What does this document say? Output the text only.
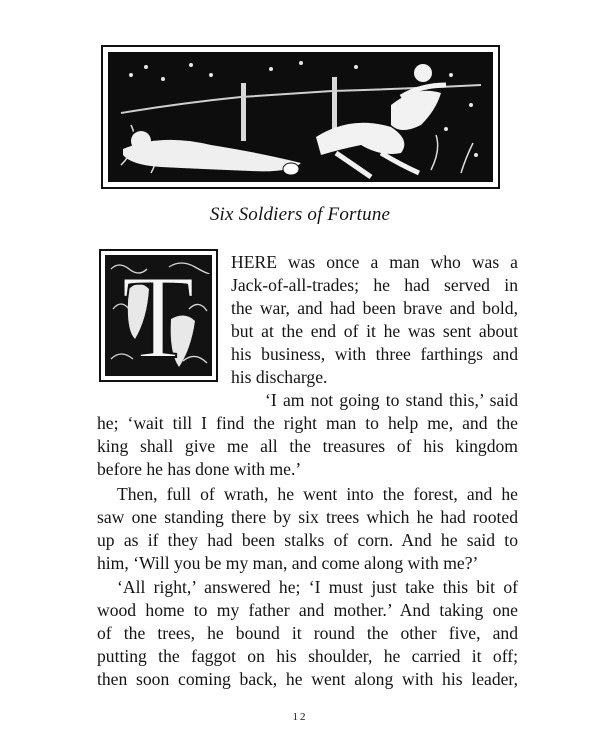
Six Soldiers of Fortune
T HERE was once a man who was a

Jack-of-all-trades; he had served in

the war, and had been brave and bold,

but at the end of it he was sent about

his business, with three farthings and

his discharge.

‘I am not going to stand this,’ said

he; ‘wait till I find the right man to help me, and the

king shall give me all the treasures of his kingdom

before he has done with me.’

Then, full of wrath, he went into the forest, and he

saw one standing there by six trees which he had rooted

up as if they had been stalks of corn. And he said to

him, ‘Will you be my man, and come along with me?’

‘All right,’ answered he; ‘I must just take this bit of

wood home to my father and mother.’ And taking one

of the trees, he bound it round the other five, and

putting the faggot on his shoulder, he carried it off;

then soon coming back, he went along with his leader,

12
